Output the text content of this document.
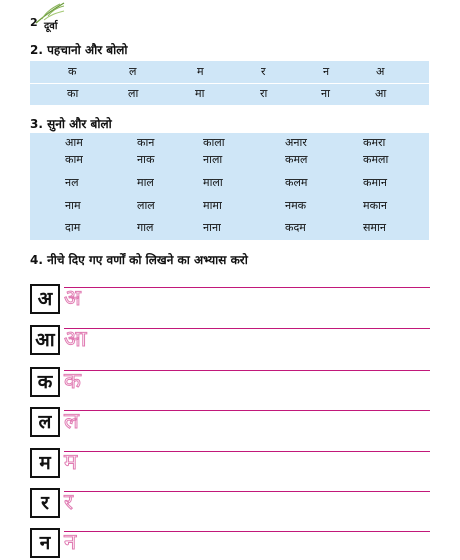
2 दूर्वा
2. पहचानो और बोलो
क	ल	म	र	न	अ
का	ला	मा	रा	ना	आ
3. सुनो और बोलो
आम	कान	काला	अनार	कमरा
काम	नाक	नाला	कमल	कमला
नल	माल	माला	कलम	कमान
नाम	लाल	मामा	नमक	मकान
दाम	गाल	नाना	कदम	समान
4. नीचे दिए गए वर्णों को लिखने का अभ्यास करो
अ अ
आ आ
क क
ल ल
म म
र र
न न
